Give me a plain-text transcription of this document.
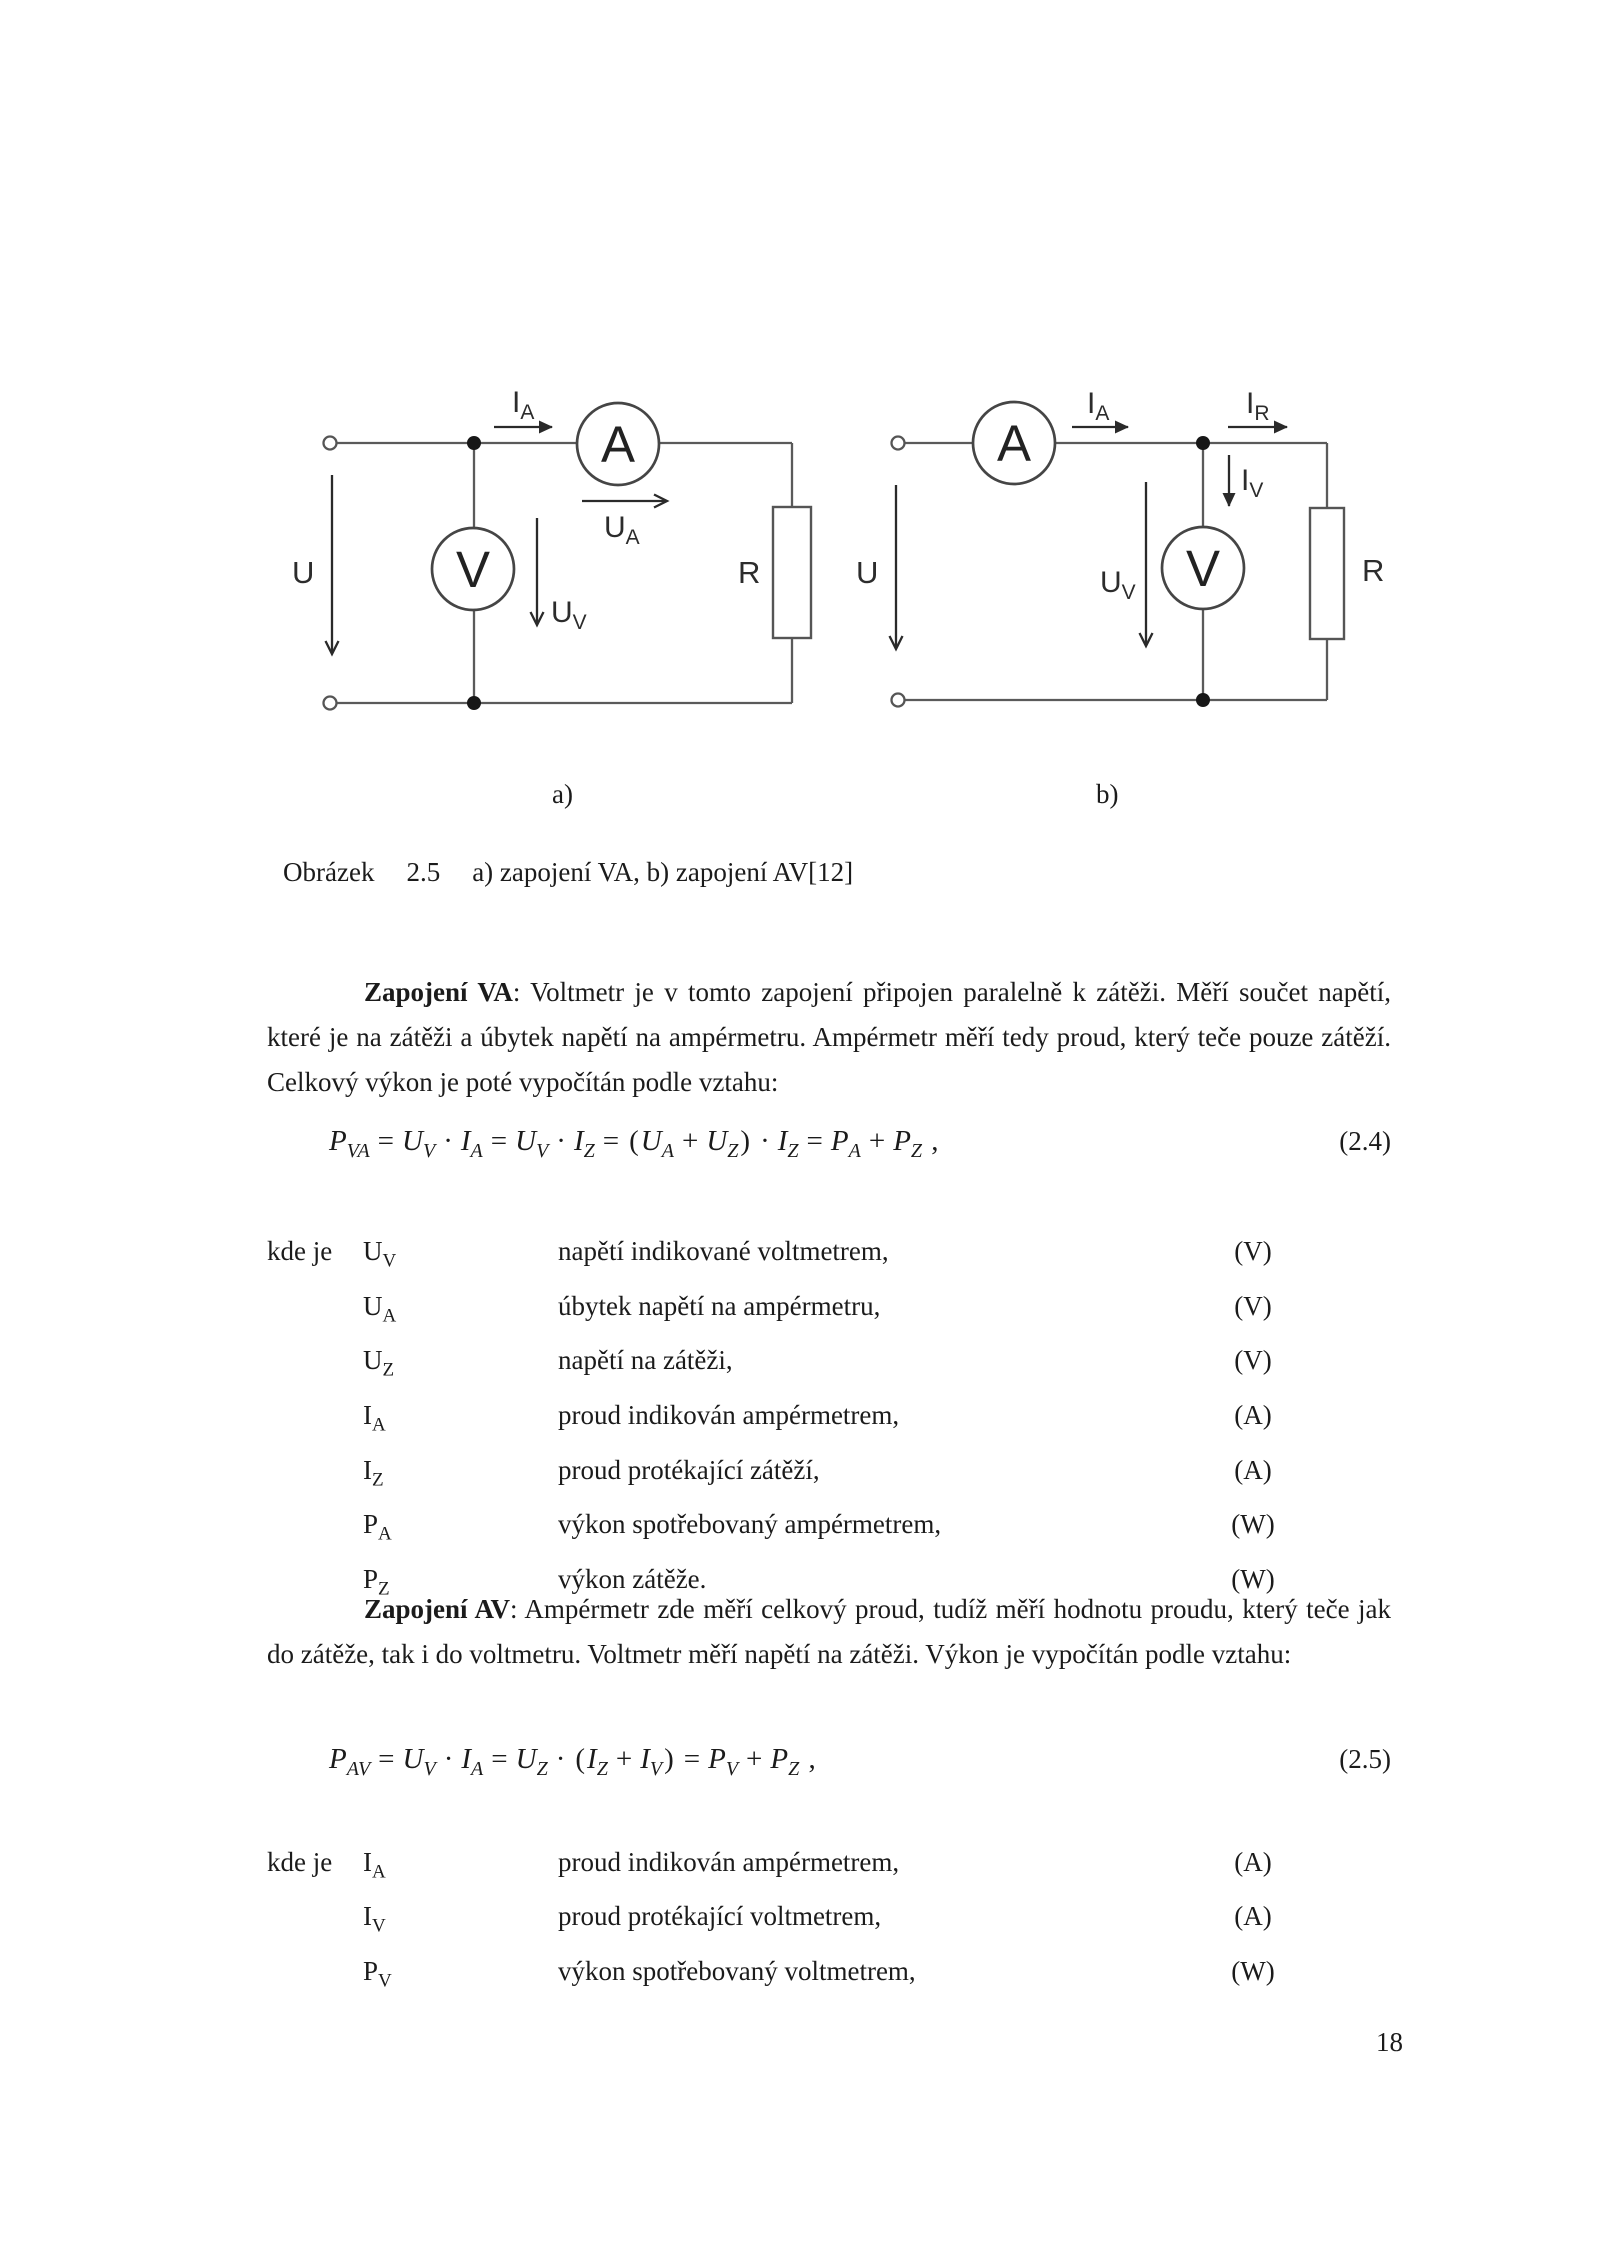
A
V	R
$I_A$
$U_A$
$U_V$
U
A
V	R
$I_A$	$I_R$
$I_V$
$U_V$
U
a)	b)
Obrázek 2.5 a) zapojení VA, b) zapojení AV[12]
Zapojení VA: Voltmetr je v tomto zapojení připojen paralelně k zátěži. Měří součet napětí, které je na zátěži a úbytek napětí na ampérmetru. Ampérmetr měří tedy proud, který teče pouze zátěží. Celkový výkon je poté vypočítán podle vztahu:
$P_{VA} = U_V \cdot I_A = U_V \cdot I_Z = (U_A + U_Z) \cdot I_Z = P_A + P_Z$ ,	(2.4)
kde je	$U_V$	napětí indikované voltmetrem,	(V)
$U_A$	úbytek napětí na ampérmetru,	(V)
$U_Z$	napětí na zátěži,	(V)
$I_A$	proud indikován ampérmetrem,	(A)
$I_Z$	proud protékající zátěží,	(A)
$P_A$	výkon spotřebovaný ampérmetrem,	(W)
$P_Z$	výkon zátěže.	(W)
Zapojení AV: Ampérmetr zde měří celkový proud, tudíž měří hodnotu proudu, který teče jak do zátěže, tak i do voltmetru. Voltmetr měří napětí na zátěži. Výkon je vypočítán podle vztahu:
$P_{AV} = U_V \cdot I_A = U_Z \cdot (I_Z + I_V) = P_V + P_Z$ ,	(2.5)
kde je	$I_A$	proud indikován ampérmetrem,	(A)
$I_V$	proud protékající voltmetrem,	(A)
$P_V$	výkon spotřebovaný voltmetrem,	(W)
18
